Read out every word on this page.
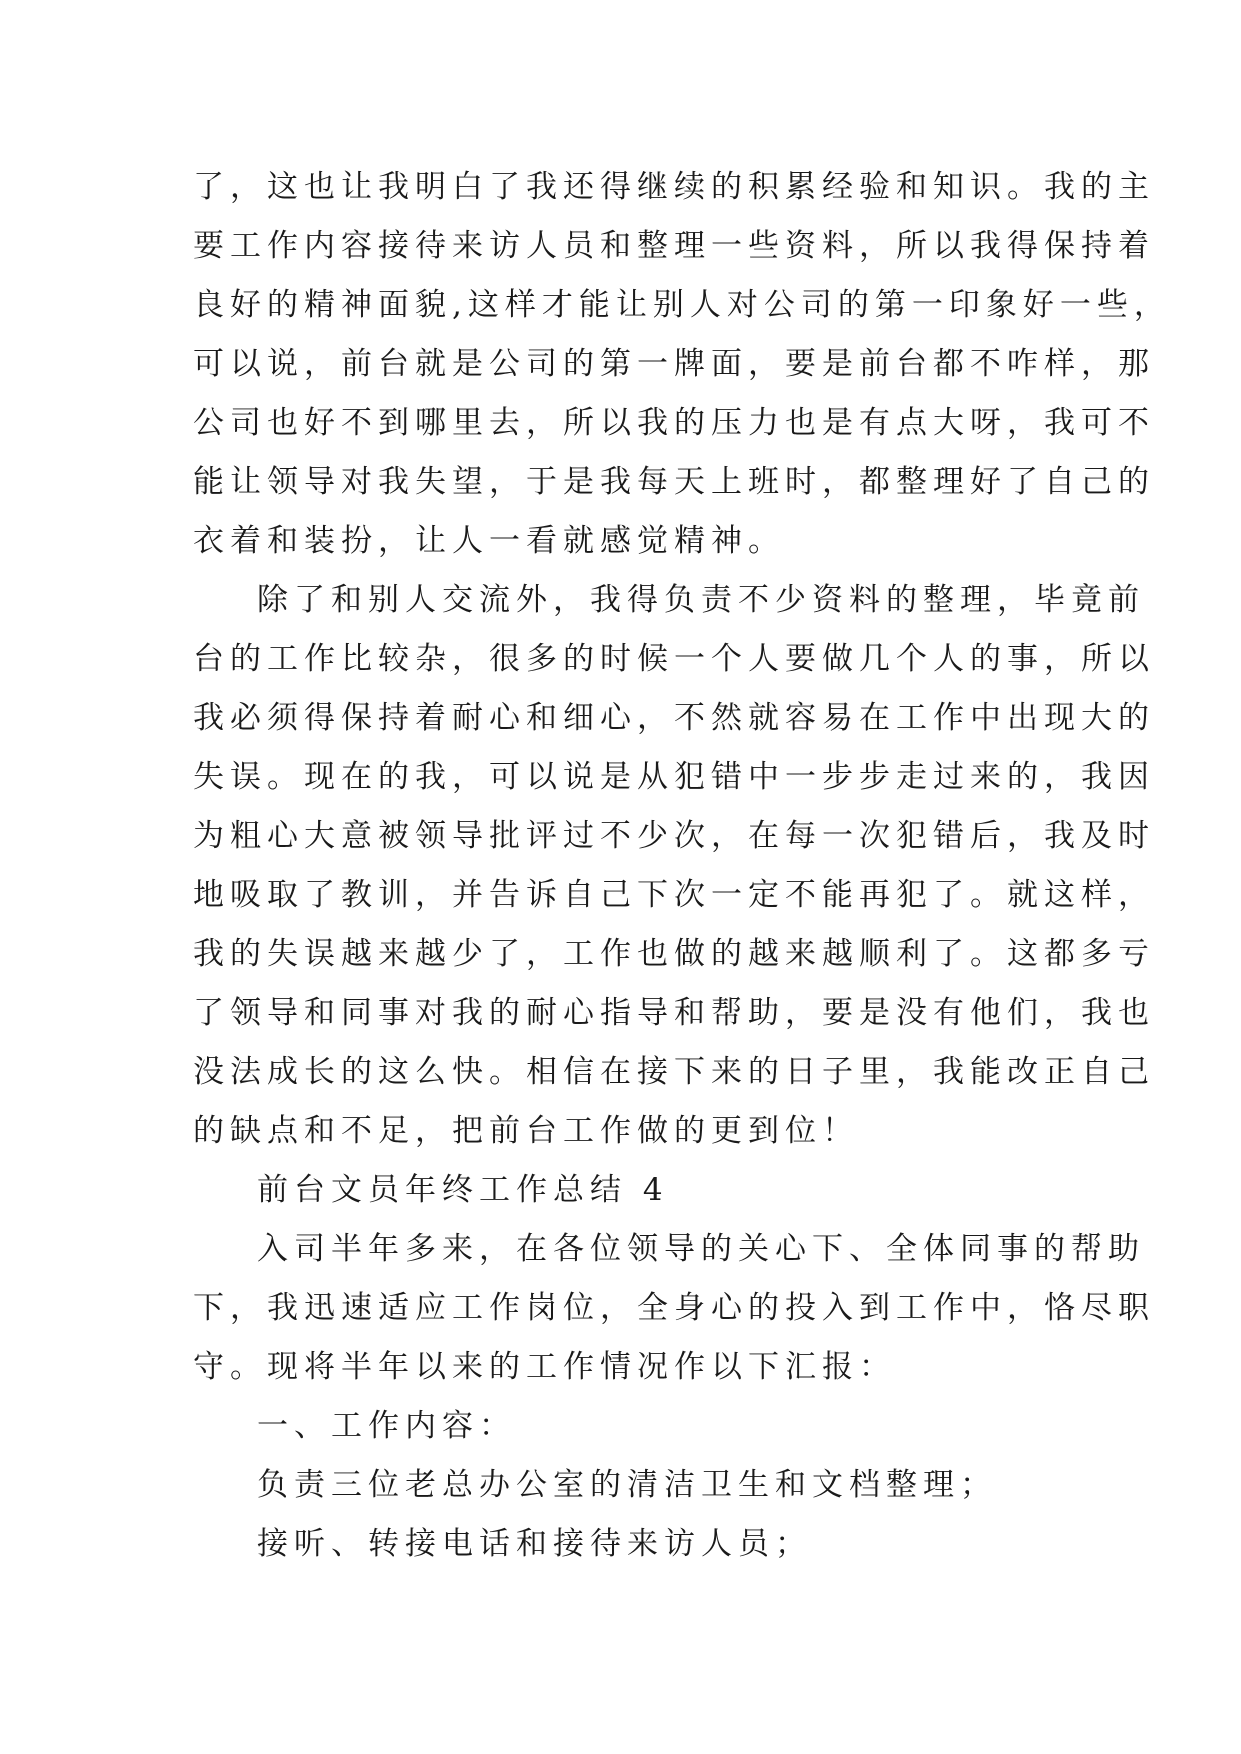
了，这也让我明白了我还得继续的积累经验和知识。我的主
要工作内容接待来访人员和整理一些资料，所以我得保持着
良好的精神面貌,这样才能让别人对公司的第一印象好一些，
可以说，前台就是公司的第一牌面，要是前台都不咋样，那
公司也好不到哪里去，所以我的压力也是有点大呀，我可不
能让领导对我失望，于是我每天上班时，都整理好了自己的
衣着和装扮，让人一看就感觉精神。
除了和别人交流外，我得负责不少资料的整理，毕竟前
台的工作比较杂，很多的时候一个人要做几个人的事，所以
我必须得保持着耐心和细心，不然就容易在工作中出现大的
失误。现在的我，可以说是从犯错中一步步走过来的，我因
为粗心大意被领导批评过不少次，在每一次犯错后，我及时
地吸取了教训，并告诉自己下次一定不能再犯了。就这样，
我的失误越来越少了，工作也做的越来越顺利了。这都多亏
了领导和同事对我的耐心指导和帮助，要是没有他们，我也
没法成长的这么快。相信在接下来的日子里，我能改正自己
的缺点和不足，把前台工作做的更到位！
前台文员年终工作总结 4
入司半年多来，在各位领导的关心下、全体同事的帮助
下，我迅速适应工作岗位，全身心的投入到工作中，恪尽职
守。现将半年以来的工作情况作以下汇报：
一、工作内容：
负责三位老总办公室的清洁卫生和文档整理；
接听、转接电话和接待来访人员；
